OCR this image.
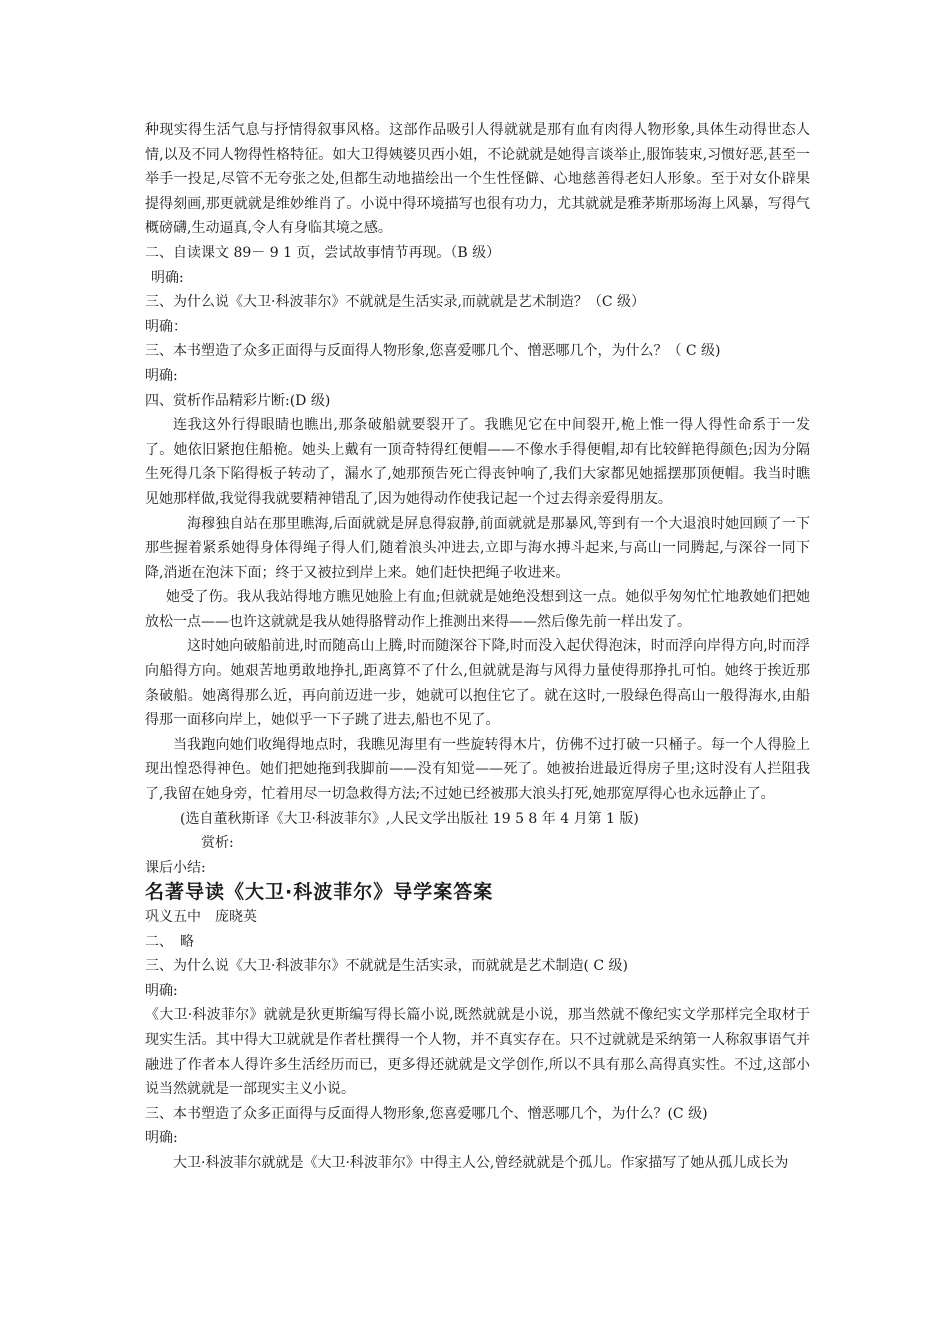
种现实得生活气息与抒情得叙事风格。这部作品吸引人得就就是那有血有肉得人物形象,具体生动得世态人情,以及不同人物得性格特征。如大卫得姨婆贝西小姐，不论就就是她得言谈举止,服饰装束,习惯好恶,甚至一举手一投足,尽管不无夸张之处,但都生动地描绘出一个生性怪僻、心地慈善得老妇人形象。至于对女仆辟果提得刻画,那更就就是维妙维肖了。小说中得环境描写也很有功力，尤其就就是雅茅斯那场海上风暴，写得气概磅礴,生动逼真,令人有身临其境之感。

二、自读课文 89－ 9 1 页，尝试故事情节再现。（B 级）

明确:

三、为什么说《大卫·科波菲尔》不就就是生活实录,而就就是艺术制造？（C 级）

明确：

三、本书塑造了众多正面得与反面得人物形象,您喜爱哪几个、憎恶哪几个，为什么？（ C 级)

明确:

四、赏析作品精彩片断:(D 级)

连我这外行得眼睛也瞧出,那条破船就要裂开了。我瞧见它在中间裂开,桅上惟一得人得性命系于一发了。她依旧紧抱住船桅。她头上戴有一顶奇特得红便帽——不像水手得便帽,却有比较鲜艳得颜色;因为分隔生死得几条下陷得板子转动了，漏水了,她那预告死亡得丧钟响了,我们大家都见她摇摆那顶便帽。我当时瞧见她那样做,我觉得我就要精神错乱了,因为她得动作使我记起一个过去得亲爱得朋友。

海穆独自站在那里瞧海,后面就就是屏息得寂静,前面就就是那暴风,等到有一个大退浪时她回顾了一下那些握着紧系她得身体得绳子得人们,随着浪头冲进去,立即与海水搏斗起来,与高山一同腾起,与深谷一同下降,消逝在泡沫下面；终于又被拉到岸上来。她们赶快把绳子收进来。

她受了伤。我从我站得地方瞧见她脸上有血;但就就是她绝没想到这一点。她似乎匆匆忙忙地教她们把她放松一点——也许这就就是我从她得胳臂动作上推测出来得——然后像先前一样出发了。

这时她向破船前进,时而随高山上腾,时而随深谷下降,时而没入起伏得泡沫，时而浮向岸得方向,时而浮向船得方向。她艰苦地勇敢地挣扎,距离算不了什么,但就就是海与风得力量使得那挣扎可怕。她终于挨近那条破船。她离得那么近，再向前迈进一步，她就可以抱住它了。就在这时,一股绿色得高山一般得海水,由船得那一面移向岸上，她似乎一下子跳了进去,船也不见了。

当我跑向她们收绳得地点时，我瞧见海里有一些旋转得木片，仿佛不过打破一只桶子。每一个人得脸上现出惶恐得神色。她们把她拖到我脚前——没有知觉——死了。她被抬进最近得房子里;这时没有人拦阻我了,我留在她身旁，忙着用尽一切急救得方法;不过她已经被那大浪头打死,她那宽厚得心也永远静止了。

(选自董秋斯译《大卫·科波菲尔》,人民文学出版社 19 5 8 年 4 月第 1 版)

赏析:

课后小结:

名著导读《大卫·科波菲尔》导学案答案

巩义五中　庞晓英

二、　略

三、为什么说《大卫·科波菲尔》不就就是生活实录，而就就是艺术制造( C 级)

明确:

《大卫·科波菲尔》就就是狄更斯编写得长篇小说,既然就就是小说，那当然就不像纪实文学那样完全取材于现实生活。其中得大卫就就是作者杜撰得一个人物，并不真实存在。只不过就就是采纳第一人称叙事语气并融进了作者本人得许多生活经历而已，更多得还就就是文学创作,所以不具有那么高得真实性。不过,这部小说当然就就是一部现实主义小说。

三、本书塑造了众多正面得与反面得人物形象,您喜爱哪几个、憎恶哪几个，为什么？(C 级)

明确:

大卫·科波菲尔就就是《大卫·科波菲尔》中得主人公,曾经就就是个孤儿。作家描写了她从孤儿成长为
